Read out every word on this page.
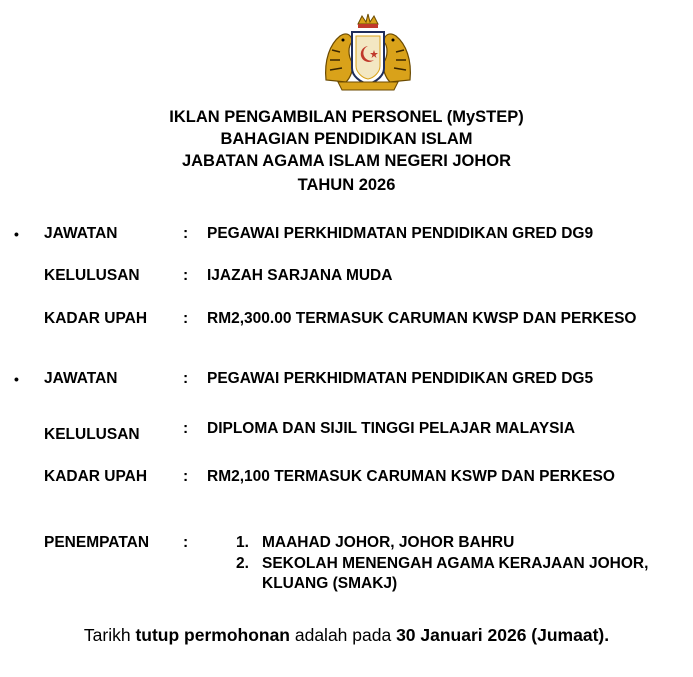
IKLAN PENGAMBILAN PERSONEL (MySTEP)
BAHAGIAN PENDIDIKAN ISLAM
JABATAN AGAMA ISLAM NEGERI JOHOR
TAHUN 2026
• JAWATAN	: PEGAWAI PERKHIDMATAN PENDIDIKAN GRED DG9
KELULUSAN	: IJAZAH SARJANA MUDA
KADAR UPAH : RM2,300.00 TERMASUK CARUMAN KWSP DAN PERKESO
• JAWATAN	: PEGAWAI PERKHIDMATAN PENDIDIKAN GRED DG5
KELULUSAN	: DIPLOMA DAN SIJIL TINGGI PELAJAR MALAYSIA
KADAR UPAH : RM2,100 TERMASUK CARUMAN KSWP DAN PERKESO
PENEMPATAN :	1. MAAHAD JOHOR, JOHOR BAHRU
2. SEKOLAH MENENGAH AGAMA KERAJAAN JOHOR,
KLUANG (SMAKJ)
Tarikh tutup permohonan adalah pada 30 Januari 2026 (Jumaat).
